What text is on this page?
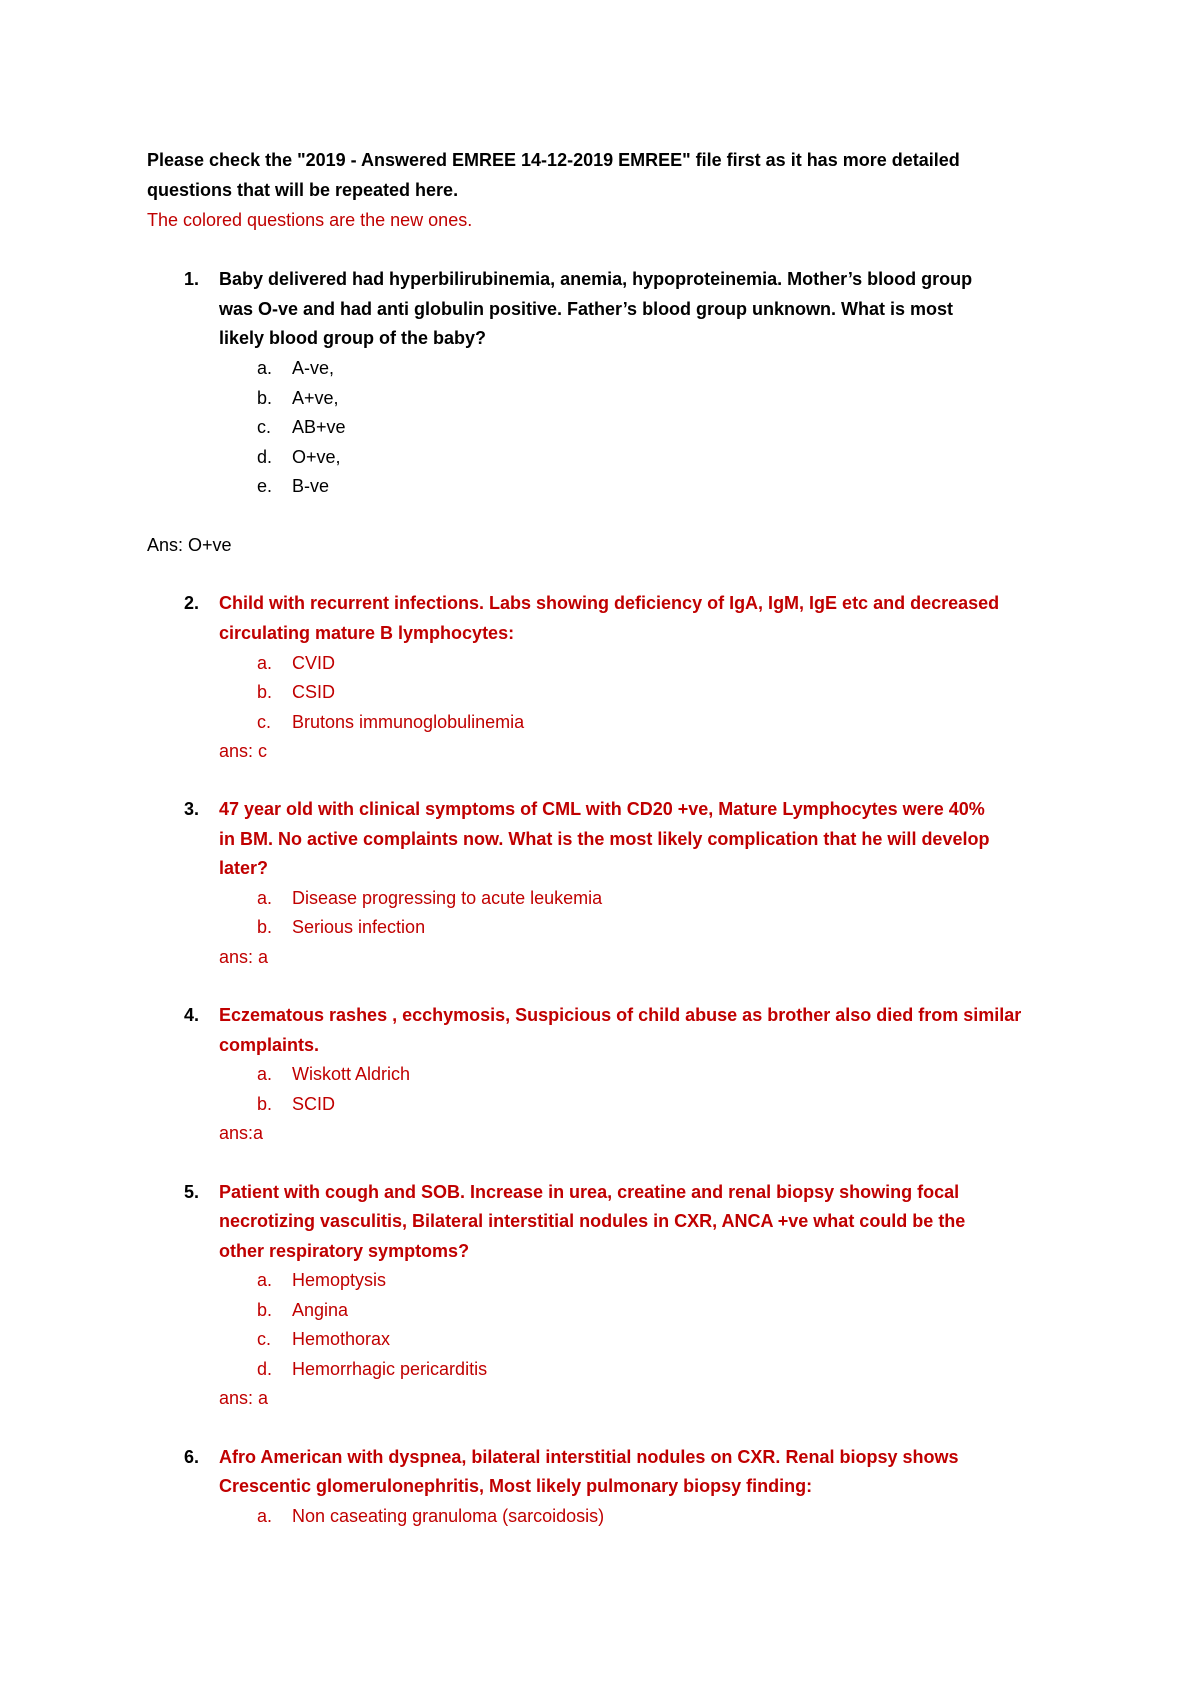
Please check the "2019 - Answered EMREE 14-12-2019 EMREE" file first as it has more detailed
questions that will be repeated here.
The colored questions are the new ones.
1. Baby delivered had hyperbilirubinemia, anemia, hypoproteinemia. Mother’s blood group
was O-ve and had anti globulin positive. Father’s blood group unknown. What is most
likely blood group of the baby?
a. A-ve,
b. A+ve,
c. AB+ve
d. O+ve,
e. B-ve
Ans: O+ve
2. Child with recurrent infections. Labs showing deficiency of IgA, IgM, IgE etc and decreased
circulating mature B lymphocytes:
a. CVID
b. CSID
c. Brutons immunoglobulinemia
ans: c
3. 47 year old with clinical symptoms of CML with CD20 +ve, Mature Lymphocytes were 40%
in BM. No active complaints now. What is the most likely complication that he will develop
later?
a. Disease progressing to acute leukemia
b. Serious infection
ans: a
4. Eczematous rashes , ecchymosis, Suspicious of child abuse as brother also died from similar
complaints.
a. Wiskott Aldrich
b. SCID
ans:a
5. Patient with cough and SOB. Increase in urea, creatine and renal biopsy showing focal
necrotizing vasculitis, Bilateral interstitial nodules in CXR, ANCA +ve what could be the
other respiratory symptoms?
a. Hemoptysis
b. Angina
c. Hemothorax
d. Hemorrhagic pericarditis
ans: a
6. Afro American with dyspnea, bilateral interstitial nodules on CXR. Renal biopsy shows
Crescentic glomerulonephritis, Most likely pulmonary biopsy finding:
a. Non caseating granuloma (sarcoidosis)
